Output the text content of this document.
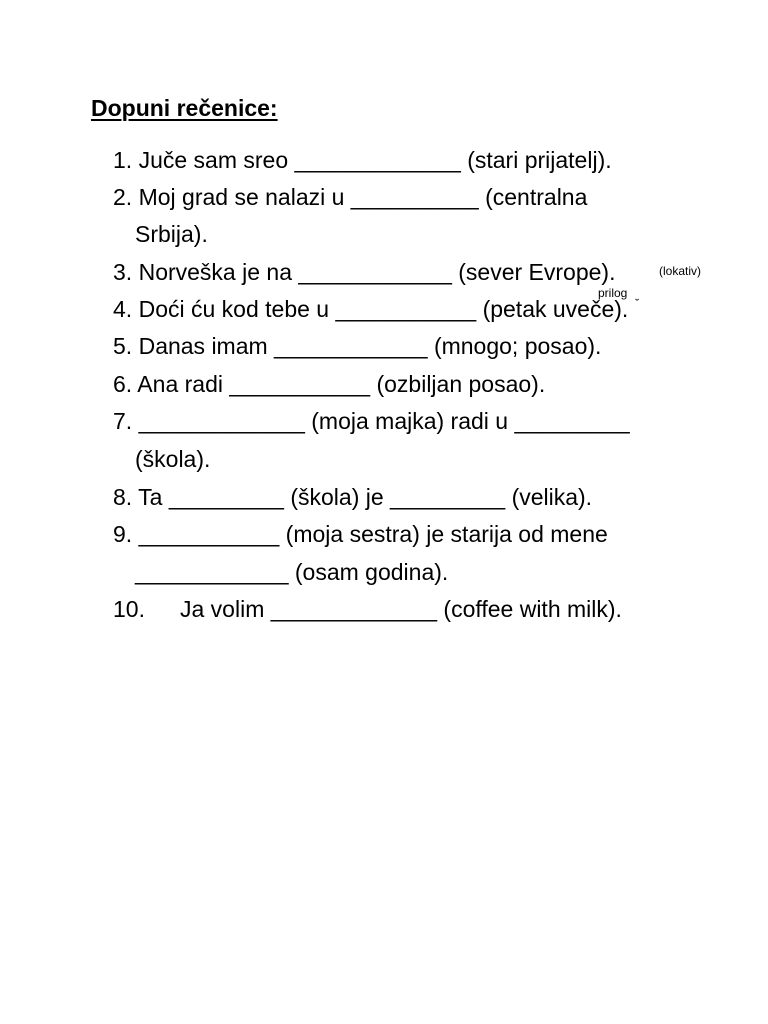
Dopuni rečenice:
1. Juče sam sreo _____________ (stari prijatelj).
2. Moj grad se nalazi u __________ (centralna
Srbija).
3. Norveška je na ____________ (sever Evrope).	(lokativ)
4. Doći ću kod tebe u ___________ (petak uveče).
prilog
ˇ
5. Danas imam ____________ (mnogo; posao).
6. Ana radi ___________ (ozbiljan posao).
7. _____________ (moja majka) radi u _________
(škola).
8. Ta _________ (škola) je _________ (velika).
9. ___________ (moja sestra) je starija od mene
____________ (osam godina).
10. Ja volim _____________ (coffee with milk).
